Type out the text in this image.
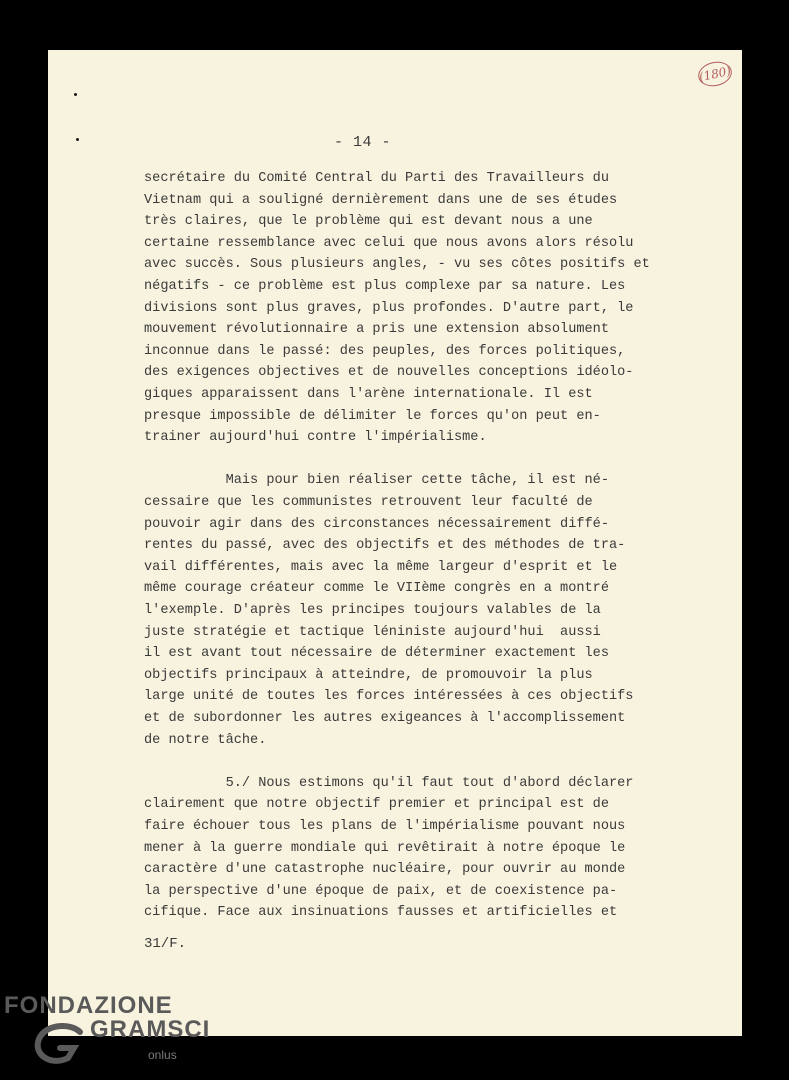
(180)
- 14 -
secrétaire du Comité Central du Parti des Travailleurs du
Vietnam qui a souligné dernièrement dans une de ses études
très claires, que le problème qui est devant nous a une
certaine ressemblance avec celui que nous avons alors résolu
avec succès. Sous plusieurs angles, - vu ses côtes positifs et
négatifs - ce problème est plus complexe par sa nature. Les
divisions sont plus graves, plus profondes. D'autre part, le
mouvement révolutionnaire a pris une extension absolument
inconnue dans le passé: des peuples, des forces politiques,
des exigences objectives et de nouvelles conceptions idéolo-
giques apparaissent dans l'arène internationale. Il est
presque impossible de délimiter le forces qu'on peut en-
trainer aujourd'hui contre l'impérialisme.
Mais pour bien réaliser cette tâche, il est né-
cessaire que les communistes retrouvent leur faculté de
pouvoir agir dans des circonstances nécessairement diffé-
rentes du passé, avec des objectifs et des méthodes de tra-
vail différentes, mais avec la même largeur d'esprit et le
même courage créateur comme le VIIème congrès en a montré
l'exemple. D'après les principes toujours valables de la
juste stratégie et tactique léniniste aujourd'hui  aussi
il est avant tout nécessaire de déterminer exactement les
objectifs principaux à atteindre, de promouvoir la plus
large unité de toutes les forces intéressées à ces objectifs
et de subordonner les autres exigeances à l'accomplissement
de notre tâche.
5./ Nous estimons qu'il faut tout d'abord déclarer
clairement que notre objectif premier et principal est de
faire échouer tous les plans de l'impérialisme pouvant nous
mener à la guerre mondiale qui revêtirait à notre époque le
caractère d'une catastrophe nucléaire, pour ouvrir au monde
la perspective d'une époque de paix, et de coexistence pa-
cifique. Face aux insinuations fausses et artificielles et
31/F.
FONDAZIONE
GRAMSCI
onlus
